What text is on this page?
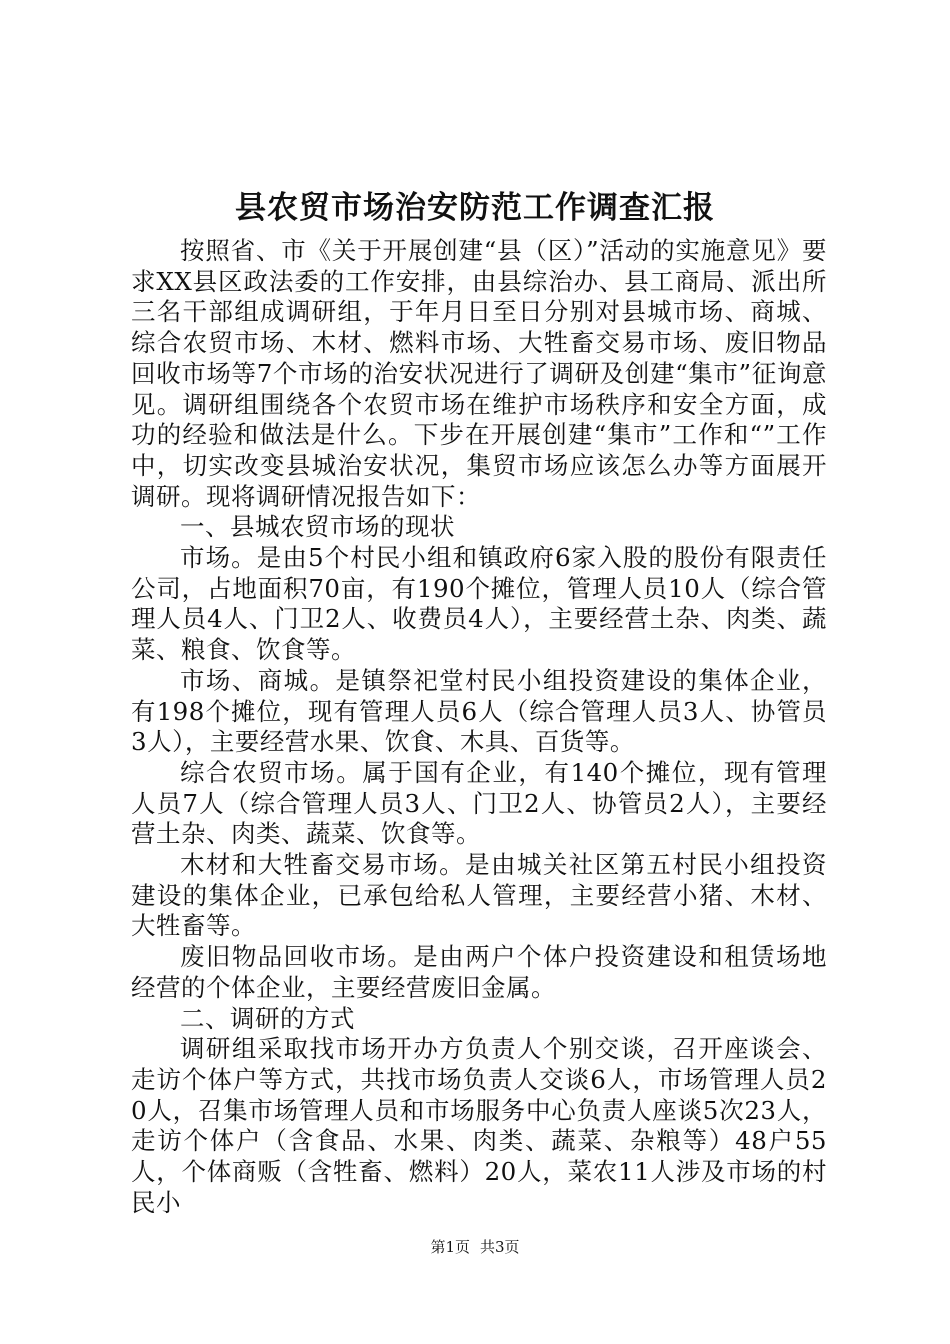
县农贸市场治安防范工作调查汇报

按照省、市《关于开展创建“县（区）”活动的实施意见》要求XX县区政法委的工作安排，由县综治办、县工商局、派出所三名干部组成调研组，于年月日至日分别对县城市场、商城、综合农贸市场、木材、燃料市场、大牲畜交易市场、废旧物品回收市场等7个市场的治安状况进行了调研及创建“集市”征询意见。调研组围绕各个农贸市场在维护市场秩序和安全方面，成功的经验和做法是什么。下步在开展创建“集市”工作和“”工作中，切实改变县城治安状况，集贸市场应该怎么办等方面展开调研。现将调研情况报告如下：

一、县城农贸市场的现状

市场。是由5个村民小组和镇政府6家入股的股份有限责任公司，占地面积70亩，有190个摊位，管理人员10人（综合管理人员4人、门卫2人、收费员4人），主要经营土杂、肉类、蔬菜、粮食、饮食等。

市场、商城。是镇祭祀堂村民小组投资建设的集体企业，有198个摊位，现有管理人员6人（综合管理人员3人、协管员3人），主要经营水果、饮食、木具、百货等。

综合农贸市场。属于国有企业，有140个摊位，现有管理人员7人（综合管理人员3人、门卫2人、协管员2人），主要经营土杂、肉类、蔬菜、饮食等。

木材和大牲畜交易市场。是由城关社区第五村民小组投资建设的集体企业，已承包给私人管理，主要经营小猪、木材、大牲畜等。

废旧物品回收市场。是由两户个体户投资建设和租赁场地经营的个体企业，主要经营废旧金属。

二、调研的方式

调研组采取找市场开办方负责人个别交谈，召开座谈会、走访个体户等方式，共找市场负责人交谈6人，市场管理人员20人，召集市场管理人员和市场服务中心负责人座谈5次23人，走访个体户（含食品、水果、肉类、蔬菜、杂粮等）48户55人，个体商贩（含牲畜、燃料）20人，菜农11人涉及市场的村民小

第1页 共3页
